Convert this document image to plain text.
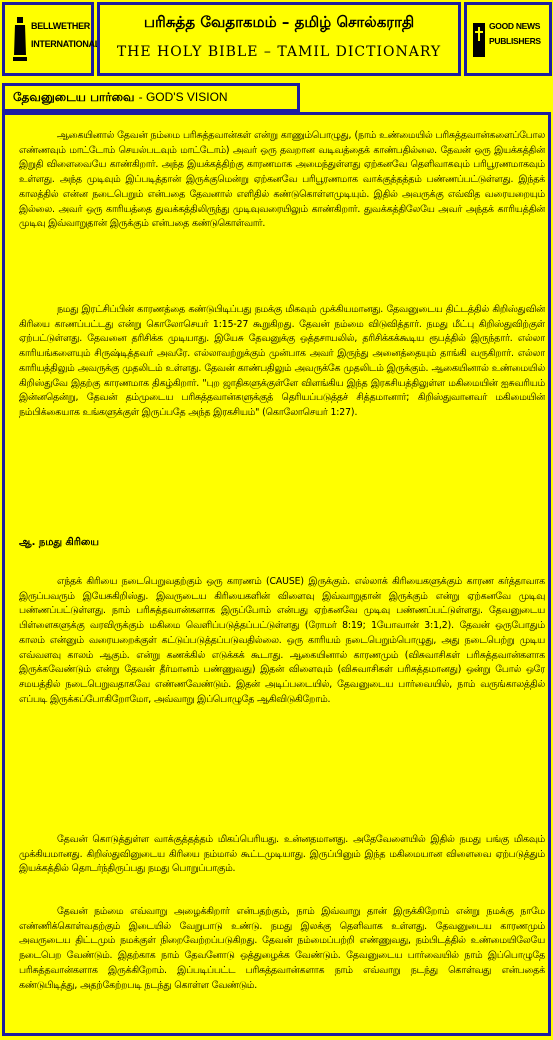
BELLWETHER
INTERNATIONAL
பரிசுத்த வேதாகமம் – தமிழ் சொல்கராதி
THE HOLY BIBLE – TAMIL DICTIONARY
GOOD NEWS
PUBLISHERS
தேவனுடைய பார்வை - GOD'S VISION
ஆகையினால் தேவன் நம்மை பரிசுத்தவான்கள் என்று காணும்பொழுது, (நாம் உண்மையில் பரிசுத்தவான்களைப்போல எண்ணவும் மாட்டோம் செயல்படவும் மாட்டோம்) அவர் ஒரு தவறான வடிவத்தைக் காண்பதில்லை. தேவன் ஒரு இயக்கத்தின் இறுதி விளைவையே காண்கிறார். அந்த இயக்கத்திற்கு காரணமாக அமைந்துள்ளது ஏற்கனவே தெளிவாகவும் பரிபூரணமாகவும் உள்ளது. அந்த முடிவும் இப்படித்தான் இருக்குமென்று ஏற்கனவே பரிபூரணமாக வாக்குத்தத்தம் பண்ணப்பட்டுள்ளது. இந்தக் காலத்தில் என்ன நடைபெறும் என்பதை தேவனால் எளிதில் கண்டுகொள்ளமுடியும். இதில் அவருக்கு எவ்வித வரையறையும் இல்லை. அவர் ஒரு காரியத்தை துவக்கத்திலிருந்து முடிவுவரையிலும் காண்கிறார். துவக்கத்திலேயே அவர் அந்தக் காரியத்தின் முடிவு இவ்வாறுதான் இருக்கும் என்பதை கண்டுகொள்வார்.
நமது இரட்சிப்பின் காரணத்தை கண்டுபிடிப்பது நமக்கு மிகவும் முக்கியமானது. தேவனுடைய திட்டத்தில் கிறிஸ்துவின் கிரியை காணப்பட்டது என்று கொலோசெயர் 1:15-27 கூறுகிறது. தேவன் நம்மை விடுவித்தார். நமது மீட்பு கிறிஸ்துவிற்குள் ஏற்பட்டுள்ளது. தேவனை தரிசிக்க முடியாது. இயேசு தேவனுக்கு ஒத்தசாயலில், தரிசிக்கக்கூடிய ரூபத்தில் இருந்தார். எல்லா காரியங்களையும் சிருஷ்டித்தவர் அவரே. எல்லாவற்றுக்கும் முன்பாக அவர் இருந்து அனைத்தையும் தாங்கி வருகிறார். எல்லா காரியத்திலும் அவருக்கு முதலிடம் உள்ளது. தேவன் காண்பதிலும் அவருக்கே முதலிடம் இருக்கும். ஆகையினால் உண்மையில் கிறிஸ்துவே இதற்கு காரணமாக திகழ்கிறார். "புற ஜாதிகளுக்குள்ளே விளங்கிய இந்த இரகசியத்திலுள்ள மகிமையின் ஐசுவரியம் இன்னதென்று, தேவன் தம்முடைய பரிசுத்தவான்களுக்குத் தெரியப்படுத்தச் சித்தமானார்; கிறிஸ்துவானவர் மகிமையின் நம்பிக்கையாக உங்களுக்குள் இருப்பதே அந்த இரகசியம்" (கொலோசெயர் 1:27).
ஆ. நமது கிரியை
எந்தக் கிரியை நடைபெறுவதற்கும் ஒரு காரணம் (CAUSE) இருக்கும். எல்லாக் கிரியைகளுக்கும் காரண கர்த்தாவாக இருப்பவரும் இயேசுகிறிஸ்து. இவருடைய கிரியைகளின் விளைவு இவ்வாறுதான் இருக்கும் என்று ஏற்கனவே முடிவு பண்ணப்பட்டுள்ளது. நாம் பரிசுத்தவான்களாக இருப்போம் என்பது ஏற்கனவே முடிவு பண்ணப்பட்டுள்ளது. தேவனுடைய பிள்ளைகளுக்கு வரவிருக்கும் மகிமை வெளிப்படுத்தப்பட்டுள்ளது (ரோமர் 8:19; 1யோவான் 3:1,2). தேவன் ஒருபோதும் காலம் என்னும் வரையறைக்குள் கட்டுப்படுத்தப்படுவதில்லை. ஒரு காரியம் நடைபெறும்பொழுது, அது நடைபெற்று முடிய எவ்வளவு காலம் ஆகும். என்று கணக்கில் எடுக்கக் கூடாது. ஆகையினால் காரணமும் (விசுவாசிகள் பரிசுத்தவான்களாக இருக்கவேண்டும் என்று தேவன் தீர்மானம் பண்ணுவது) இதன் விளைவும் (விசுவாசிகள் பரிசுத்தமானது) ஒன்று போல் ஒரே சமயத்தில் நடைபெறுவதாகவே எண்ணவேண்டும். இதன் அடிப்படையில், தேவனுடைய பார்வையில், நாம் வருங்காலத்தில் எப்படி இருக்கப்போகிறோமோ, அவ்வாறு இப்பொழுதே ஆகிவிடுகிறோம்.
தேவன் கொடுத்துள்ள வாக்குத்தத்தம் மிகப்பெரியது. உன்னதமானது. அதேவேளையில் இதில் நமது பங்கு மிகவும் முக்கியமானது. கிறிஸ்துவினுடைய கிரியை நம்மால் கூட்டமுடியாது. இருப்பினும் இந்த மகிமையான விளைவை ஏற்படுத்தும் இயக்கத்தில் தொடர்ந்திருப்பது நமது பொறுப்பாகும்.
தேவன் நம்மை எவ்வாறு அழைக்கிறார் என்பதற்கும், நாம் இவ்வாறு தான் இருக்கிறோம் என்று நமக்கு நாமே எண்ணிக்கொள்வதற்கும் இடையில் வேறுபாடு உண்டு. நமது இலக்கு தெளிவாக உள்ளது. தேவனுடைய காரணமும் அவருடைய திட்டமும் நமக்குள் நிறைவேற்றப்படுகிறது. தேவன் நம்மைப்பற்றி எண்ணுவது, நம்பிடத்தில் உண்மையிலேயே நடைபெற வேண்டும். இதற்காக நாம் தேவனோடு ஒத்துழைக்க வேண்டும். தேவனுடைய பார்வையில் நாம் இப்பொழுதே பரிசுத்தவான்களாக இருக்கிறோம். இப்படிப்பட்ட பரிசுத்தவான்களாக நாம் எவ்வாறு நடந்து கொள்வது என்பதைக் கண்டுபிடித்து, அதற்கேற்றபடி நடந்து கொள்ள வேண்டும்.
